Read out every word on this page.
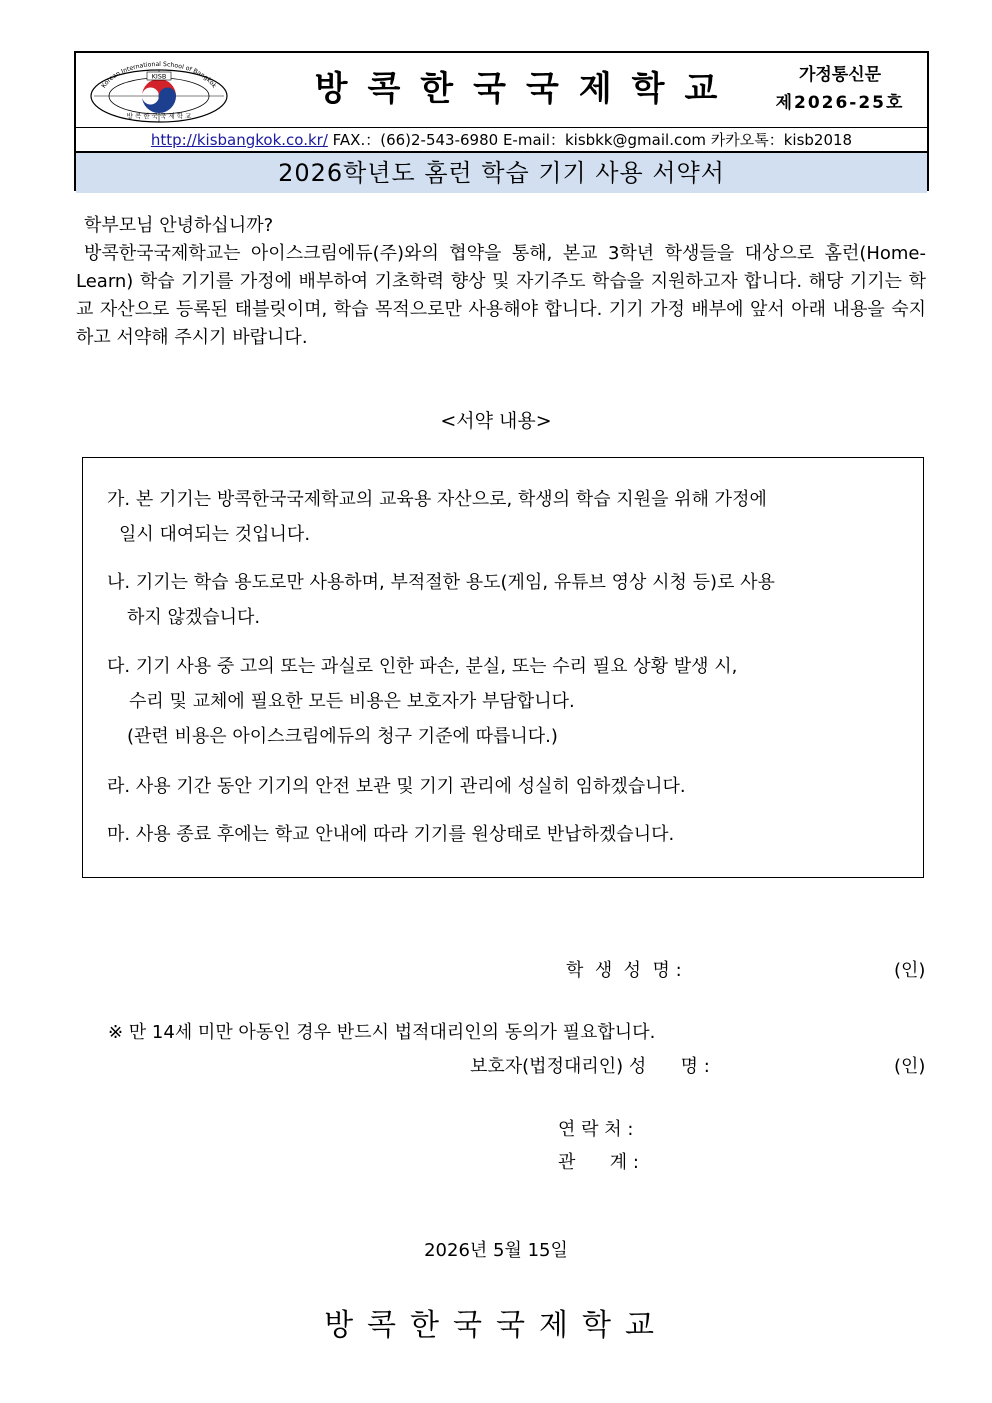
KISB
Korean International School of Bangkok
방 콕 한 국 국 제 학 교
방콕한국국제학교	가정통신문
제2026-25호
http://kisbangkok.co.kr/ FAX.：(66)2-543-6980 E-mail：kisbkk@gmail.com 카카오톡：kisb2018
2026학년도 홈런 학습 기기 사용 서약서

학부모님 안녕하십니까?

방콕한국국제학교는 아이스크림에듀(주)와의 협약을 통해, 본교 3학년 학생들을 대상으로 홈런(Home-Learn) 학습 기기를 가정에 배부하여 기초학력 향상 및 자기주도 학습을 지원하고자 합니다. 해당 기기는 학교 자산으로 등록된 태블릿이며, 학습 목적으로만 사용해야 합니다. 기기 가정 배부에 앞서 아래 내용을 숙지하고 서약해 주시기 바랍니다.

<서약 내용>
가. 본 기기는 방콕한국국제학교의 교육용 자산으로, 학생의 학습 지원을 위해 가정에
일시 대여되는 것입니다.
나. 기기는 학습 용도로만 사용하며, 부적절한 용도(게임, 유튜브 영상 시청 등)로 사용
하지 않겠습니다.
다. 기기 사용 중 고의 또는 과실로 인한 파손, 분실, 또는 수리 필요 상황 발생 시,
수리 및 교체에 필요한 모든 비용은 보호자가 부담합니다.
(관련 비용은 아이스크림에듀의 청구 기준에 따릅니다.)
라. 사용 기간 동안 기기의 안전 보관 및 기기 관리에 성실히 임하겠습니다.
마. 사용 종료 후에는 학교 안내에 따라 기기를 원상태로 반납하겠습니다.
학  생  성  명 :	(인)
※ 만 14세 미만 아동인 경우 반드시 법적대리인의 동의가 필요합니다.
보호자(법정대리인) 성      명 :	(인)
연 락 처 :
관      계 :
2026년 5월 15일
방콕한국국제학교
